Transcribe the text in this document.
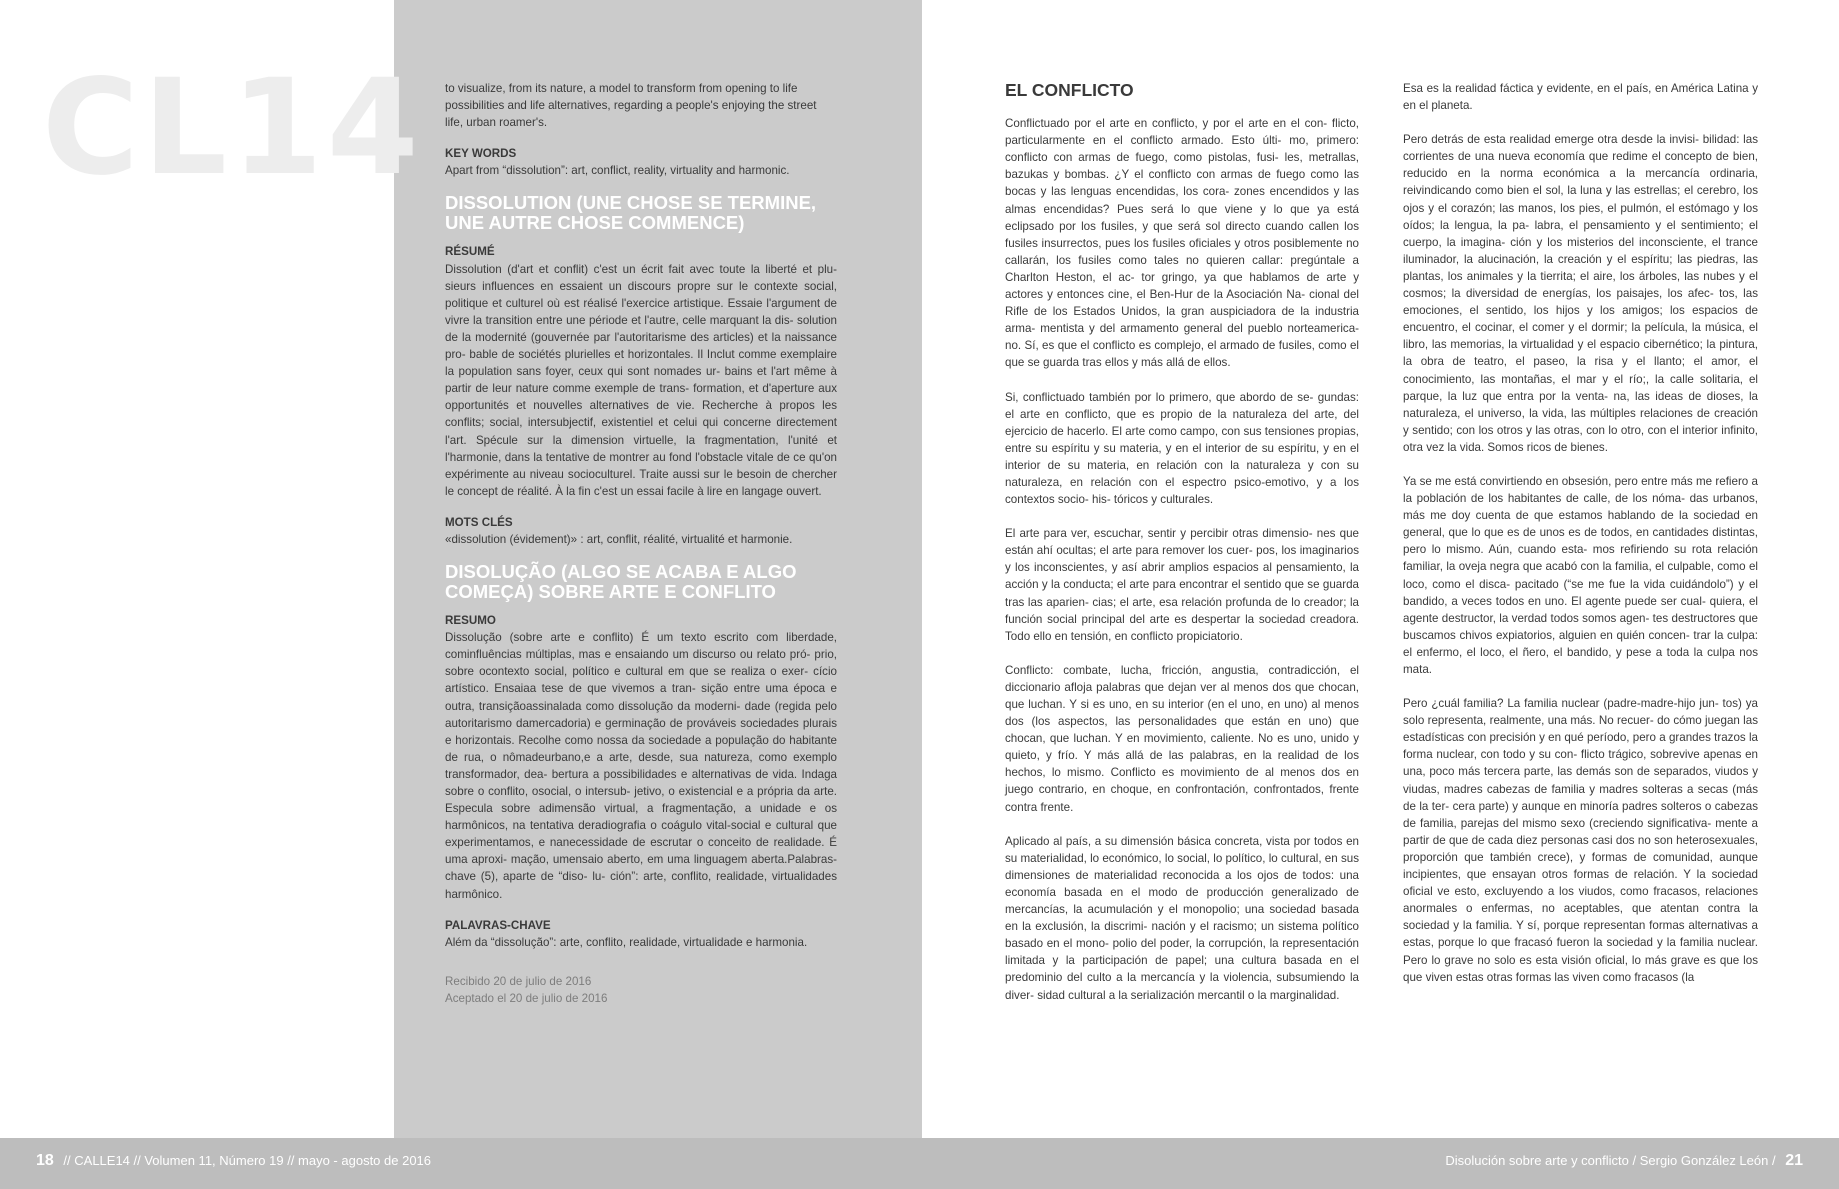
CL14 to visualize, from its nature, a model to transform from opening to life possibilities and life alternatives, regarding a people's enjoying the street life, urban roamer's.

KEY WORDS

Apart from “dissolution”: art, conflict, reality, virtuality and harmonic.

DISSOLUTION (UNE CHOSE SE TERMINE, UNE AUTRE CHOSE COMMENCE)

RÉSUMÉ

Dissolution (d'art et conflit) c'est un écrit fait avec toute la liberté et plu- sieurs influences en essaient un discours propre sur le contexte social, politique et culturel où est réalisé l'exercice artistique. Essaie l'argument de vivre la transition entre une période et l'autre, celle marquant la dis- solution de la modernité (gouvernée par l'autoritarisme des articles) et la naissance pro- bable de sociétés plurielles et horizontales. Il Inclut comme exemplaire la population sans foyer, ceux qui sont nomades ur- bains et l'art même à partir de leur nature comme exemple de trans- formation, et d'aperture aux opportunités et nouvelles alternatives de vie. Recherche à propos les conflits; social, intersubjectif, existentiel et celui qui concerne directement l'art. Spécule sur la dimension virtuelle, la fragmentation, l'unité et l'harmonie, dans la tentative de montrer au fond l'obstacle vitale de ce qu'on expérimente au niveau socioculturel. Traite aussi sur le besoin de chercher le concept de réalité. À la fin c'est un essai facile à lire en langage ouvert.

MOTS CLÉS

«dissolution (évidement)» : art, conflit, réalité, virtualité et harmonie.

DISOLUÇÃO (ALGO SE ACABA E ALGO COMEÇA) SOBRE ARTE E CONFLITO

RESUMO

Dissolução (sobre arte e conflito) É um texto escrito com liberdade, cominfluências múltiplas, mas e ensaiando um discurso ou relato pró- prio, sobre ocontexto social, político e cultural em que se realiza o exer- cício artístico. Ensaiaa tese de que vivemos a tran- sição entre uma época e outra, transiçãoassinalada como dissolução da moderni- dade (regida pelo autoritarismo damercadoria) e germinação de prováveis sociedades plurais e horizontais. Recolhe como nossa da sociedade a população do habitante de rua, o nômadeurbano,e a arte, desde, sua natureza, como exemplo transformador, dea- bertura a possibilidades e alternativas de vida. Indaga sobre o conflito, osocial, o intersub- jetivo, o existencial e a própria da arte. Especula sobre adimensão virtual, a fragmentação, a unidade e os harmônicos, na tentativa deradiografia o coágulo vital-social e cultural que experimentamos, e nanecessidade de escrutar o conceito de realidade. É uma aproxi- mação, umensaio aberto, em uma linguagem aberta.Palabras-chave (5), aparte de “diso- lu- ción”: arte, conflito, realidade, virtualidades harmônico.

PALAVRAS-CHAVE

Além da “dissolução”: arte, conflito, realidade, virtualidade e harmonia.

Recibido 20 de julio de 2016

Aceptado el 20 de julio de 2016

EL CONFLICTO

Conflictuado por el arte en conflicto, y por el arte en el con- flicto, particularmente en el conflicto armado. Esto últi- mo, primero: conflicto con armas de fuego, como pistolas, fusi- les, metrallas, bazukas y bombas. ¿Y el conflicto con armas de fuego como las bocas y las lenguas encendidas, los cora- zones encendidos y las almas encendidas? Pues será lo que viene y lo que ya está eclipsado por los fusiles, y que será sol directo cuando callen los fusiles insurrectos, pues los fusiles oficiales y otros posiblemente no callarán, los fusiles como tales no quieren callar: pregúntale a Charlton Heston, el ac- tor gringo, ya que hablamos de arte y actores y entonces cine, el Ben-Hur de la Asociación Na- cional del Rifle de los Estados Unidos, la gran auspiciadora de la industria arma- mentista y del armamento general del pueblo norteamerica- no. Sí, es que el conflicto es complejo, el armado de fusiles, como el que se guarda tras ellos y más allá de ellos.

Si, conflictuado también por lo primero, que abordo de se- gundas: el arte en conflicto, que es propio de la naturaleza del arte, del ejercicio de hacerlo. El arte como campo, con sus tensiones propias, entre su espíritu y su materia, y en el interior de su espíritu, y en el interior de su materia, en relación con la naturaleza y con su naturaleza, en relación con el espectro psico-emotivo, y a los contextos socio- his- tóricos y culturales.

El arte para ver, escuchar, sentir y percibir otras dimensio- nes que están ahí ocultas; el arte para remover los cuer- pos, los imaginarios y los inconscientes, y así abrir amplios espacios al pensamiento, la acción y la conducta; el arte para encontrar el sentido que se guarda tras las aparien- cias; el arte, esa relación profunda de lo creador; la función social principal del arte es despertar la sociedad creadora. Todo ello en tensión, en conflicto propiciatorio.

Conflicto: combate, lucha, fricción, angustia, contradicción, el diccionario afloja palabras que dejan ver al menos dos que chocan, que luchan. Y si es uno, en su interior (en el uno, en uno) al menos dos (los aspectos, las personalidades que están en uno) que chocan, que luchan. Y en movimiento, caliente. No es uno, unido y quieto, y frío. Y más allá de las palabras, en la realidad de los hechos, lo mismo. Conflicto es movimiento de al menos dos en juego contrario, en choque, en confrontación, confrontados, frente contra frente.

Aplicado al país, a su dimensión básica concreta, vista por todos en su materialidad, lo económico, lo social, lo político, lo cultural, en sus dimensiones de materialidad reconocida a los ojos de todos: una economía basada en el modo de producción generalizado de mercancías, la acumulación y el monopolio; una sociedad basada en la exclusión, la discrimi- nación y el racismo; un sistema político basado en el mono- polio del poder, la corrupción, la representación limitada y la participación de papel; una cultura basada en el predominio del culto a la mercancía y la violencia, subsumiendo la diver- sidad cultural a la serialización mercantil o la marginalidad.

Esa es la realidad fáctica y evidente, en el país, en América Latina y en el planeta.

Pero detrás de esta realidad emerge otra desde la invisi- bilidad: las corrientes de una nueva economía que redime el concepto de bien, reducido en la norma económica a la mercancía ordinaria, reivindicando como bien el sol, la luna y las estrellas; el cerebro, los ojos y el corazón; las manos, los pies, el pulmón, el estómago y los oídos; la lengua, la pa- labra, el pensamiento y el sentimiento; el cuerpo, la imagina- ción y los misterios del inconsciente, el trance iluminador, la alucinación, la creación y el espíritu; las piedras, las plantas, los animales y la tierrita; el aire, los árboles, las nubes y el cosmos; la diversidad de energías, los paisajes, los afec- tos, las emociones, el sentido, los hijos y los amigos; los espacios de encuentro, el cocinar, el comer y el dormir; la película, la música, el libro, las memorias, la virtualidad y el espacio cibernético; la pintura, la obra de teatro, el paseo, la risa y el llanto; el amor, el conocimiento, las montañas, el mar y el río;, la calle solitaria, el parque, la luz que entra por la venta- na, las ideas de dioses, la naturaleza, el universo, la vida, las múltiples relaciones de creación y sentido; con los otros y las otras, con lo otro, con el interior infinito, otra vez la vida. Somos ricos de bienes.

Ya se me está convirtiendo en obsesión, pero entre más me refiero a la población de los habitantes de calle, de los nóma- das urbanos, más me doy cuenta de que estamos hablando de la sociedad en general, que lo que es de unos es de todos, en cantidades distintas, pero lo mismo. Aún, cuando esta- mos refiriendo su rota relación familiar, la oveja negra que acabó con la familia, el culpable, como el loco, como el disca- pacitado (“se me fue la vida cuidándolo”) y el bandido, a veces todos en uno. El agente puede ser cual- quiera, el agente destructor, la verdad todos somos agen- tes destructores que buscamos chivos expiatorios, alguien en quién concen- trar la culpa: el enfermo, el loco, el ñero, el bandido, y pese a toda la culpa nos mata.

Pero ¿cuál familia? La familia nuclear (padre-madre-hijo jun- tos) ya solo representa, realmente, una más. No recuer- do cómo juegan las estadísticas con precisión y en qué período, pero a grandes trazos la forma nuclear, con todo y su con- flicto trágico, sobrevive apenas en una, poco más tercera parte, las demás son de separados, viudos y viudas, madres cabezas de familia y madres solteras a secas (más de la ter- cera parte) y aunque en minoría padres solteros o cabezas de familia, parejas del mismo sexo (creciendo significativa- mente a partir de que de cada diez personas casi dos no son heterosexuales, proporción que también crece), y formas de comunidad, aunque incipientes, que ensayan otros formas de relación. Y la sociedad oficial ve esto, excluyendo a los viudos, como fracasos, relaciones anormales o enfermas, no aceptables, que atentan contra la sociedad y la familia. Y sí, porque representan formas alternativas a estas, porque lo que fracasó fueron la sociedad y la familia nuclear. Pero lo grave no solo es esta visión oficial, lo más grave es que los que viven estas otras formas las viven como fracasos (la

18 // CALLE14 // Volumen 11, Número 19 // mayo - agosto de 2016	Disolución sobre arte y conflicto / Sergio González León / 21
